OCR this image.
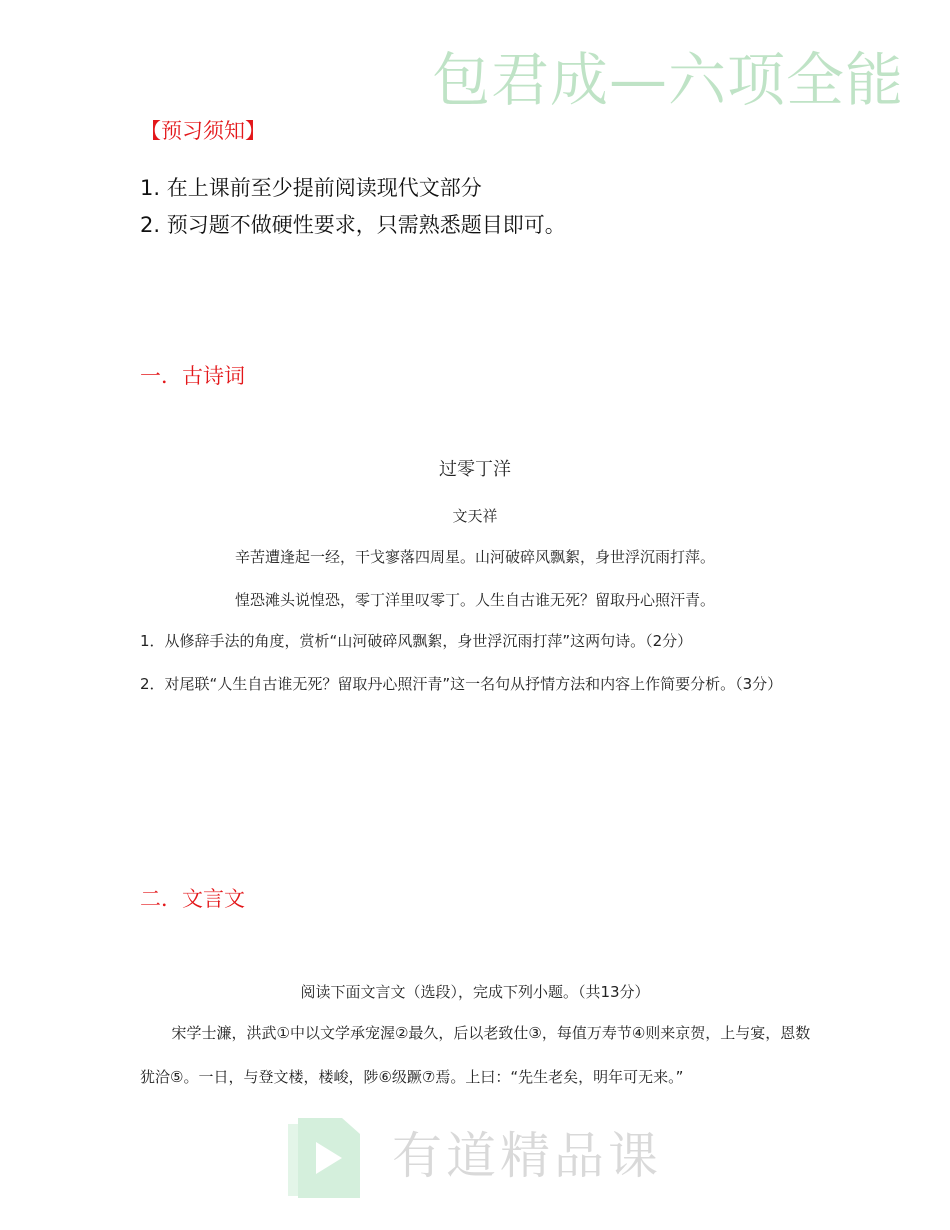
包君成—六项全能
【预习须知】
1. 在上课前至少提前阅读现代文部分
2. 预习题不做硬性要求，只需熟悉题目即可。
一．古诗词
过零丁洋
文天祥
辛苦遭逢起一经，干戈寥落四周星。山河破碎风飘絮，身世浮沉雨打萍。
惶恐滩头说惶恐，零丁洋里叹零丁。人生自古谁无死？留取丹心照汗青。
1．从修辞手法的角度，赏析“山河破碎风飘絮，身世浮沉雨打萍”这两句诗。（2分）
2．对尾联“人生自古谁无死？留取丹心照汗青”这一名句从抒情方法和内容上作简要分析。（3分）
二．文言文
阅读下面文言文（选段），完成下列小题。（共13分）
宋学士濂，洪武①中以文学承宠渥②最久，后以老致仕③，每值万寿节④则来京贺，上与宴，恩数犹洽⑤。一日，与登文楼，楼峻，陟⑥级蹶⑦焉。上曰：“先生老矣，明年可无来。”
有道精品课
